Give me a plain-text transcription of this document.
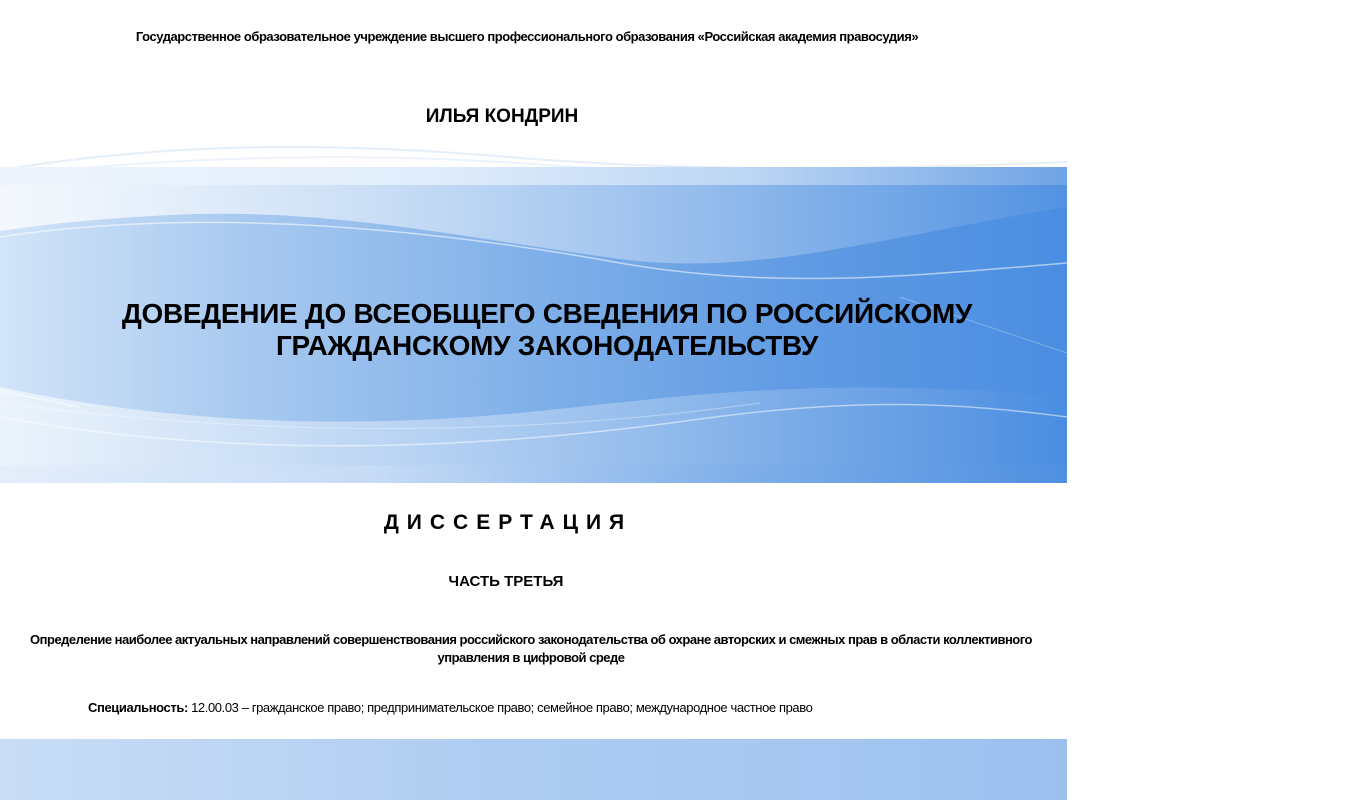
Государственное образовательное учреждение высшего профессионального образования «Российская академия правосудия»
ИЛЬЯ КОНДРИН
ДОВЕДЕНИЕ ДО ВСЕОБЩЕГО СВЕДЕНИЯ ПО РОССИЙСКОМУ
ГРАЖДАНСКОМУ ЗАКОНОДАТЕЛЬСТВУ
ДИССЕРТАЦИЯ
ЧАСТЬ ТРЕТЬЯ
Определение наиболее актуальных направлений совершенствования российского законодательства об охране авторских и смежных прав в области коллективного управления в цифровой среде
Специальность: 12.00.03 – гражданское право; предпринимательское право; семейное право; международное частное право
